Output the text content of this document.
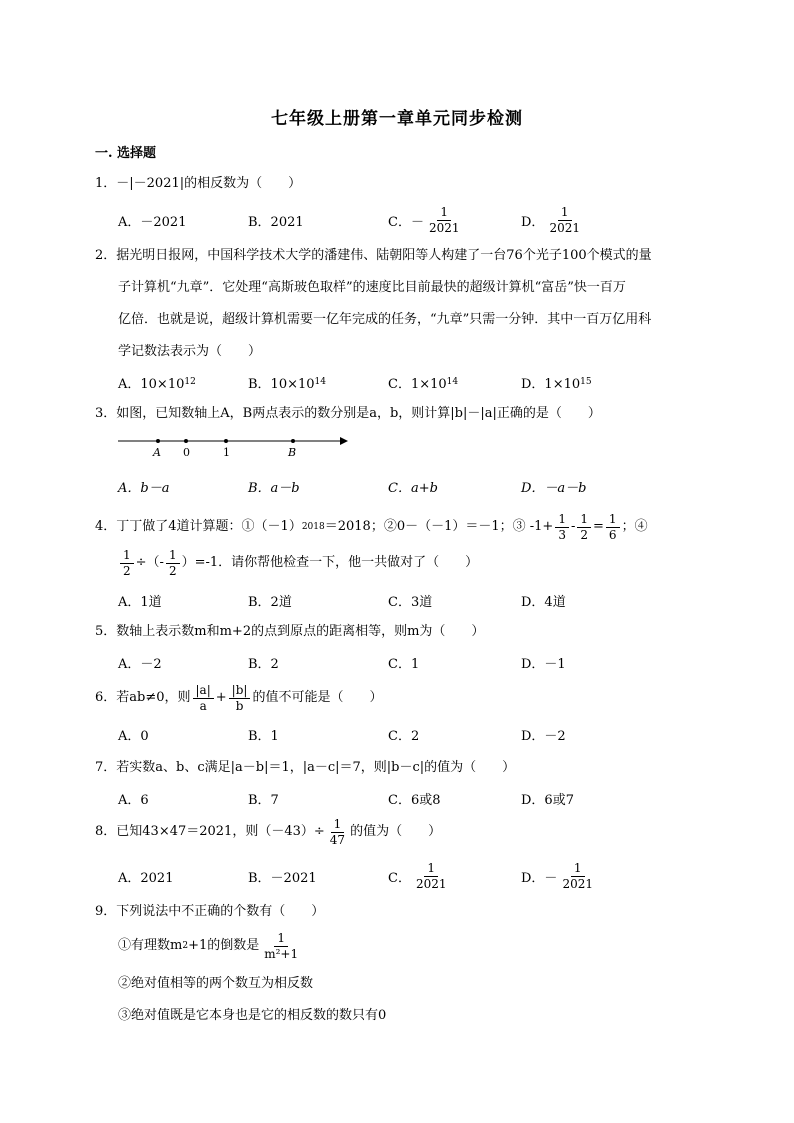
七年级上册第一章单元同步检测
一. 选择题
1．－|－2021|的相反数为（　　）
A．－2021	B．2021	C．－ $\frac{1}{2021}$	D． $\frac{1}{2021}$
2．据光明日报网，中国科学技术大学的潘建伟、陆朝阳等人构建了一台76个光子100个模式的量
子计算机“九章”．它处理“高斯玻色取样”的速度比目前最快的超级计算机“富岳”快一百万
亿倍．也就是说，超级计算机需要一亿年完成的任务，“九章”只需一分钟．其中一百万亿用科
学记数法表示为（　　）
A．10×10 12	B．10×10 14	C．1×10 14	D．1×10 15
3．如图，已知数轴上A，B两点表示的数分别是a，b，则计算|b|－|a|正确的是（　　）
A 0	1	B
A．b－a	B．a－b	C．a+b	D．－a－b
4．丁丁做了4道计算题：①（－1） 2018 ＝2018；②0－（－1）＝－1；③ $-1+ \frac{1}{3} - \frac{1}{2} = \frac{1}{6}$ ；④
$\frac{1}{2}$ ÷（- $\frac{1}{2} )=-1$．请你帮他检查一下，他一共做对了（　　）
A．1道	B．2道	C．3道	D．4道
5．数轴上表示数m和m+2的点到原点的距离相等，则m为（　　）
A．－2	B．2	C．1	D．－1
6．若ab≠0，则 $\frac{|a|}{a} + \frac{|b|}{b}$ 的值不可能是（　　）
A．0	B．1	C．2	D．－2
7．若实数a、b、c满足|a－b|＝1，|a－c|＝7，则|b－c|的值为（　　）
A．6	B．7	C．6或8	D．6或7
8．已知43×47＝2021，则$(-43)\div \frac{1}{47}$ 的值为（　　）
A．2021	B．－2021	C． $\frac{1}{2021}$	D．－ $\frac{1}{2021}$
9．下列说法中不正确的个数有（　　）
①有理数m 2 +1的倒数是 $\frac{1}{\text{m²+1}}$
②绝对值相等的两个数互为相反数
③绝对值既是它本身也是它的相反数的数只有0
